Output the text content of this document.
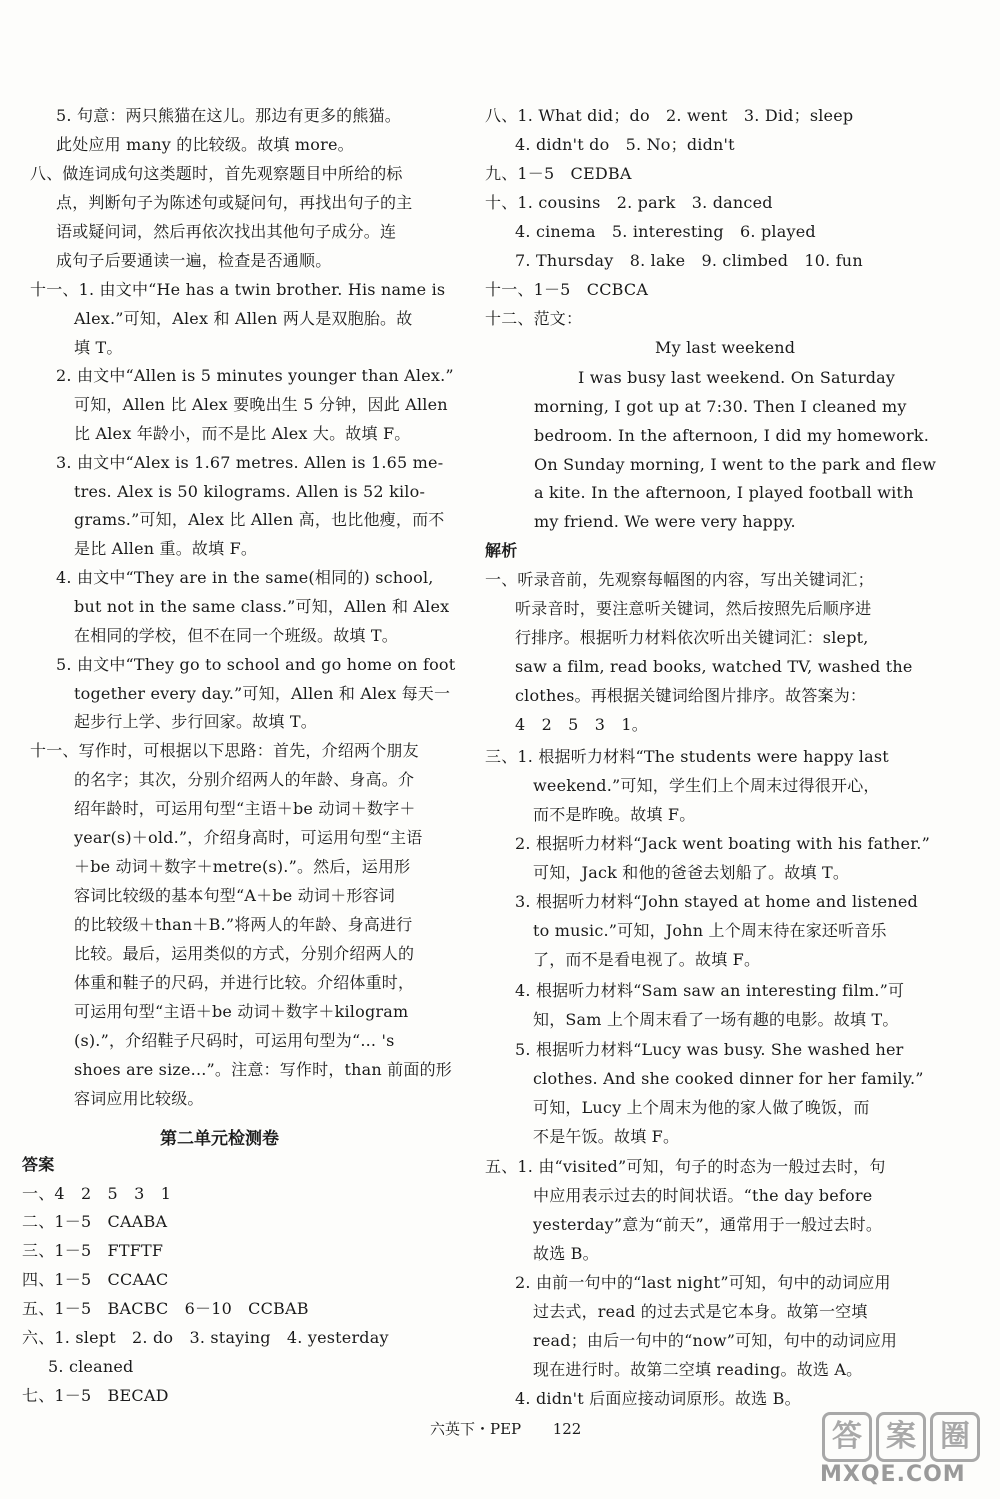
5. 句意：两只熊猫在这儿。那边有更多的熊猫。
此处应用 many 的比较级。故填 more。
八、做连词成句这类题时，首先观察题目中所给的标
点，判断句子为陈述句或疑问句，再找出句子的主
语或疑问词，然后再依次找出其他句子成分。连
成句子后要通读一遍，检查是否通顺。
十一、1. 由文中“He has a twin brother. His name is
Alex.”可知，Alex 和 Allen 两人是双胞胎。故
填 T。
2. 由文中“Allen is 5 minutes younger than Alex.”
可知，Allen 比 Alex 要晚出生 5 分钟，因此 Allen
比 Alex 年龄小，而不是比 Alex 大。故填 F。
3. 由文中“Alex is 1.67 metres. Allen is 1.65 me-
tres. Alex is 50 kilograms. Allen is 52 kilo-
grams.”可知，Alex 比 Allen 高，也比他瘦，而不
是比 Allen 重。故填 F。
4. 由文中“They are in the same(相同的) school,
but not in the same class.”可知，Allen 和 Alex
在相同的学校，但不在同一个班级。故填 T。
5. 由文中“They go to school and go home on foot
together every day.”可知，Allen 和 Alex 每天一
起步行上学、步行回家。故填 T。
十一、写作时，可根据以下思路：首先，介绍两个朋友
的名字；其次，分别介绍两人的年龄、身高。介
绍年龄时，可运用句型“主语＋be 动词＋数字＋
year(s)＋old.”，介绍身高时，可运用句型“主语
＋be 动词＋数字＋metre(s).”。然后，运用形
容词比较级的基本句型“A＋be 动词＋形容词
的比较级＋than＋B.”将两人的年龄、身高进行
比较。最后，运用类似的方式，分别介绍两人的
体重和鞋子的尺码，并进行比较。介绍体重时，
可运用句型“主语＋be 动词＋数字＋kilogram
(s).”，介绍鞋子尺码时，可运用句型为“... 's
shoes are size...”。注意：写作时，than 前面的形
容词应用比较级。
答案
一、4　2　5　3　1
二、1－5　CAABA
三、1－5　FTFTF
四、1－5　CCAAC
五、1－5　BACBC　6－10　CCBAB
六、1. slept　2. do　3. staying　4. yesterday
5. cleaned
七、1－5　BECAD
八、1. What did；do　2. went　3. Did；sleep
4. didn't do　5. No；didn't
九、1－5　CEDBA
十、1. cousins　2. park　3. danced
4. cinema　5. interesting　6. played
7. Thursday　8. lake　9. climbed　10. fun
十一、1－5　CCBCA
十二、范文：
My last weekend
I was busy last weekend. On Saturday
morning, I got up at 7:30. Then I cleaned my
bedroom. In the afternoon, I did my homework.
On Sunday morning, I went to the park and flew
a kite. In the afternoon, I played football with
my friend. We were very happy.
解析
一、听录音前，先观察每幅图的内容，写出关键词汇；
听录音时，要注意听关键词，然后按照先后顺序进
行排序。根据听力材料依次听出关键词汇：slept,
saw a film, read books, watched TV, washed the
clothes。再根据关键词给图片排序。故答案为：
4　2　5　3　1。
三、1. 根据听力材料“The students were happy last
weekend.”可知，学生们上个周末过得很开心，
而不是昨晚。故填 F。
2. 根据听力材料“Jack went boating with his father.”
可知，Jack 和他的爸爸去划船了。故填 T。
3. 根据听力材料“John stayed at home and listened
to music.”可知，John 上个周末待在家还听音乐
了，而不是看电视了。故填 F。
4. 根据听力材料“Sam saw an interesting film.”可
知，Sam 上个周末看了一场有趣的电影。故填 T。
5. 根据听力材料“Lucy was busy. She washed her
clothes. And she cooked dinner for her family.”
可知，Lucy 上个周末为他的家人做了晚饭，而
不是午饭。故填 F。
五、1. 由“visited”可知，句子的时态为一般过去时，句
中应用表示过去的时间状语。“the day before
yesterday”意为“前天”，通常用于一般过去时。
故选 B。
2. 由前一句中的“last night”可知，句中的动词应用
过去式，read 的过去式是它本身。故第一空填
read；由后一句中的“now”可知，句中的动词应用
现在进行时。故第二空填 reading。故选 A。
4. didn't 后面应接动词原形。故选 B。
第二单元检测卷
六英下・PEP 122	答 案 圈
MXQE.COM
